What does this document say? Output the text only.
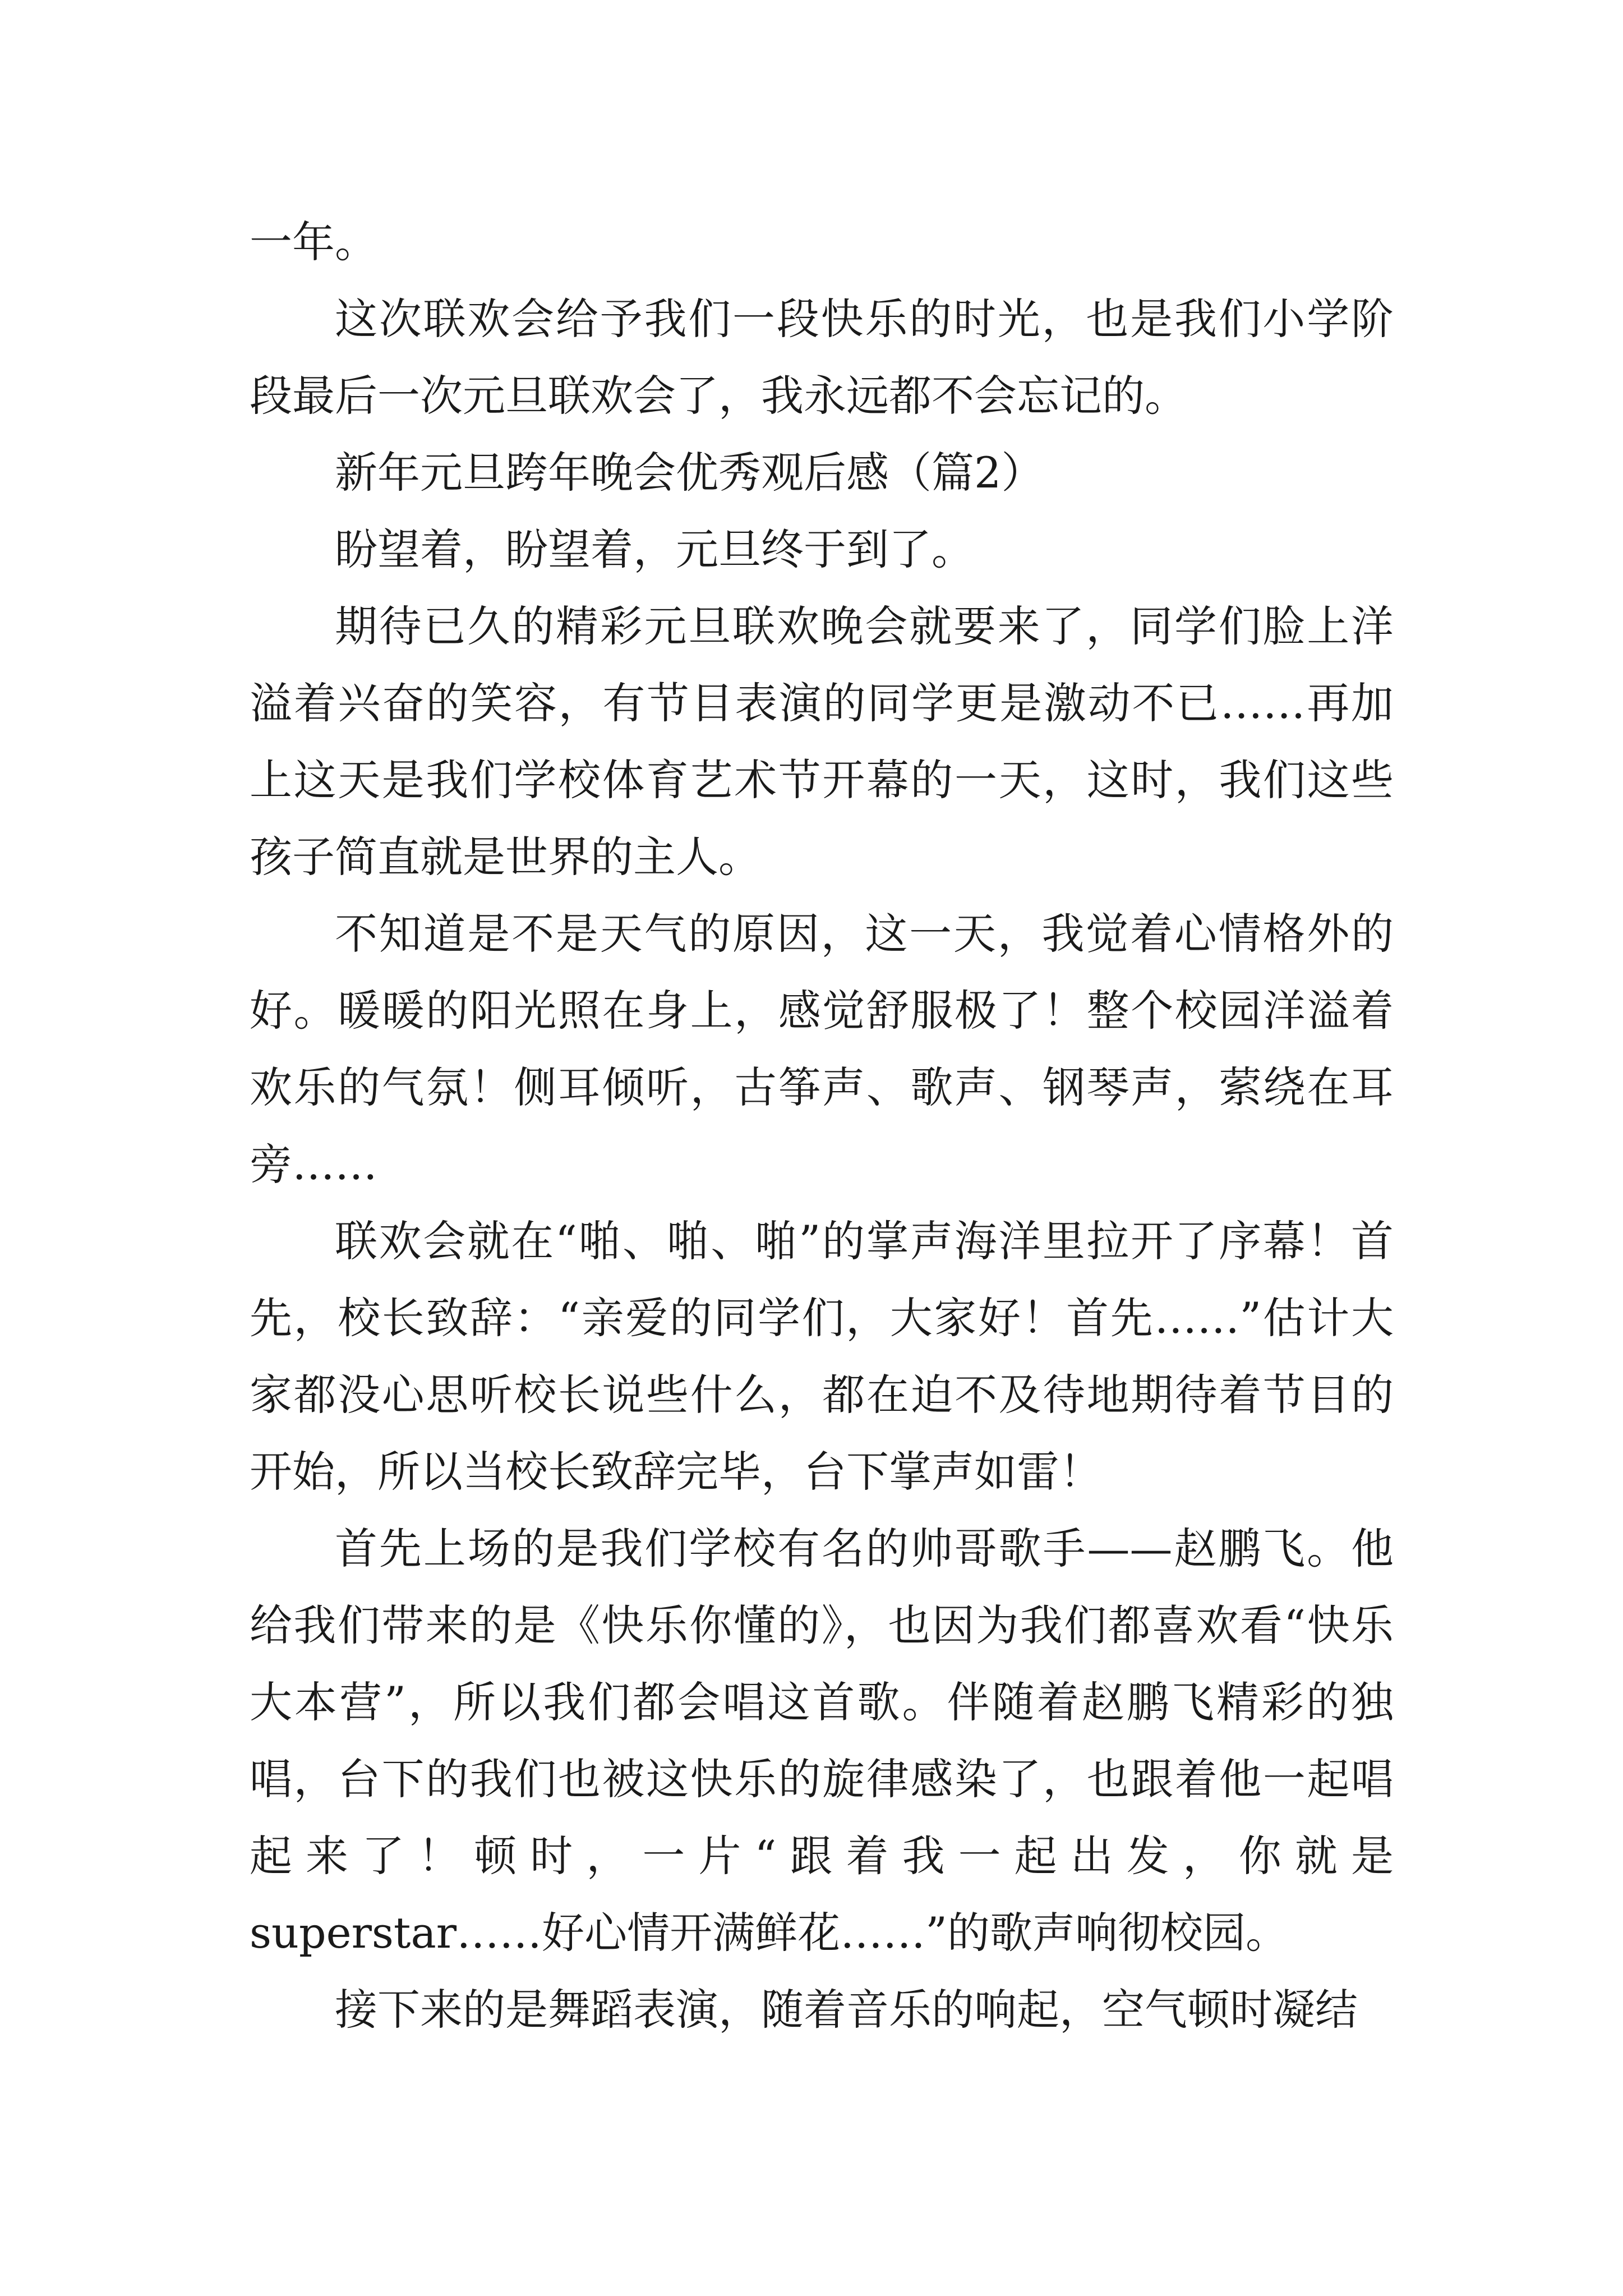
一年。

这次联欢会给予我们一段快乐的时光，也是我们小学阶段最后一次元旦联欢会了，我永远都不会忘记的。

新年元旦跨年晚会优秀观后感（篇2）

盼望着，盼望着，元旦终于到了。

期待已久的精彩元旦联欢晚会就要来了，同学们脸上洋溢着兴奋的笑容，有节目表演的同学更是激动不已……再加上这天是我们学校体育艺术节开幕的一天，这时，我们这些孩子简直就是世界的主人。

不知道是不是天气的原因，这一天，我觉着心情格外的好。暖暖的阳光照在身上，感觉舒服极了！整个校园洋溢着欢乐的气氛！侧耳倾听，古筝声、歌声、钢琴声，萦绕在耳旁……

联欢会就在“啪、啪、啪”的掌声海洋里拉开了序幕！首先，校长致辞：“亲爱的同学们，大家好！首先……”估计大家都没心思听校长说些什么，都在迫不及待地期待着节目的开始，所以当校长致辞完毕，台下掌声如雷！

首先上场的是我们学校有名的帅哥歌手——赵鹏飞。他给我们带来的是《快乐你懂的》，也因为我们都喜欢看“快乐大本营”，所以我们都会唱这首歌。伴随着赵鹏飞精彩的独唱，台下的我们也被这快乐的旋律感染了，也跟着他一起唱起来了！顿时，一片“跟着我一起出发，你就是superstar……好心情开满鲜花……”的歌声响彻校园。

接下来的是舞蹈表演，随着音乐的响起，空气顿时凝结
